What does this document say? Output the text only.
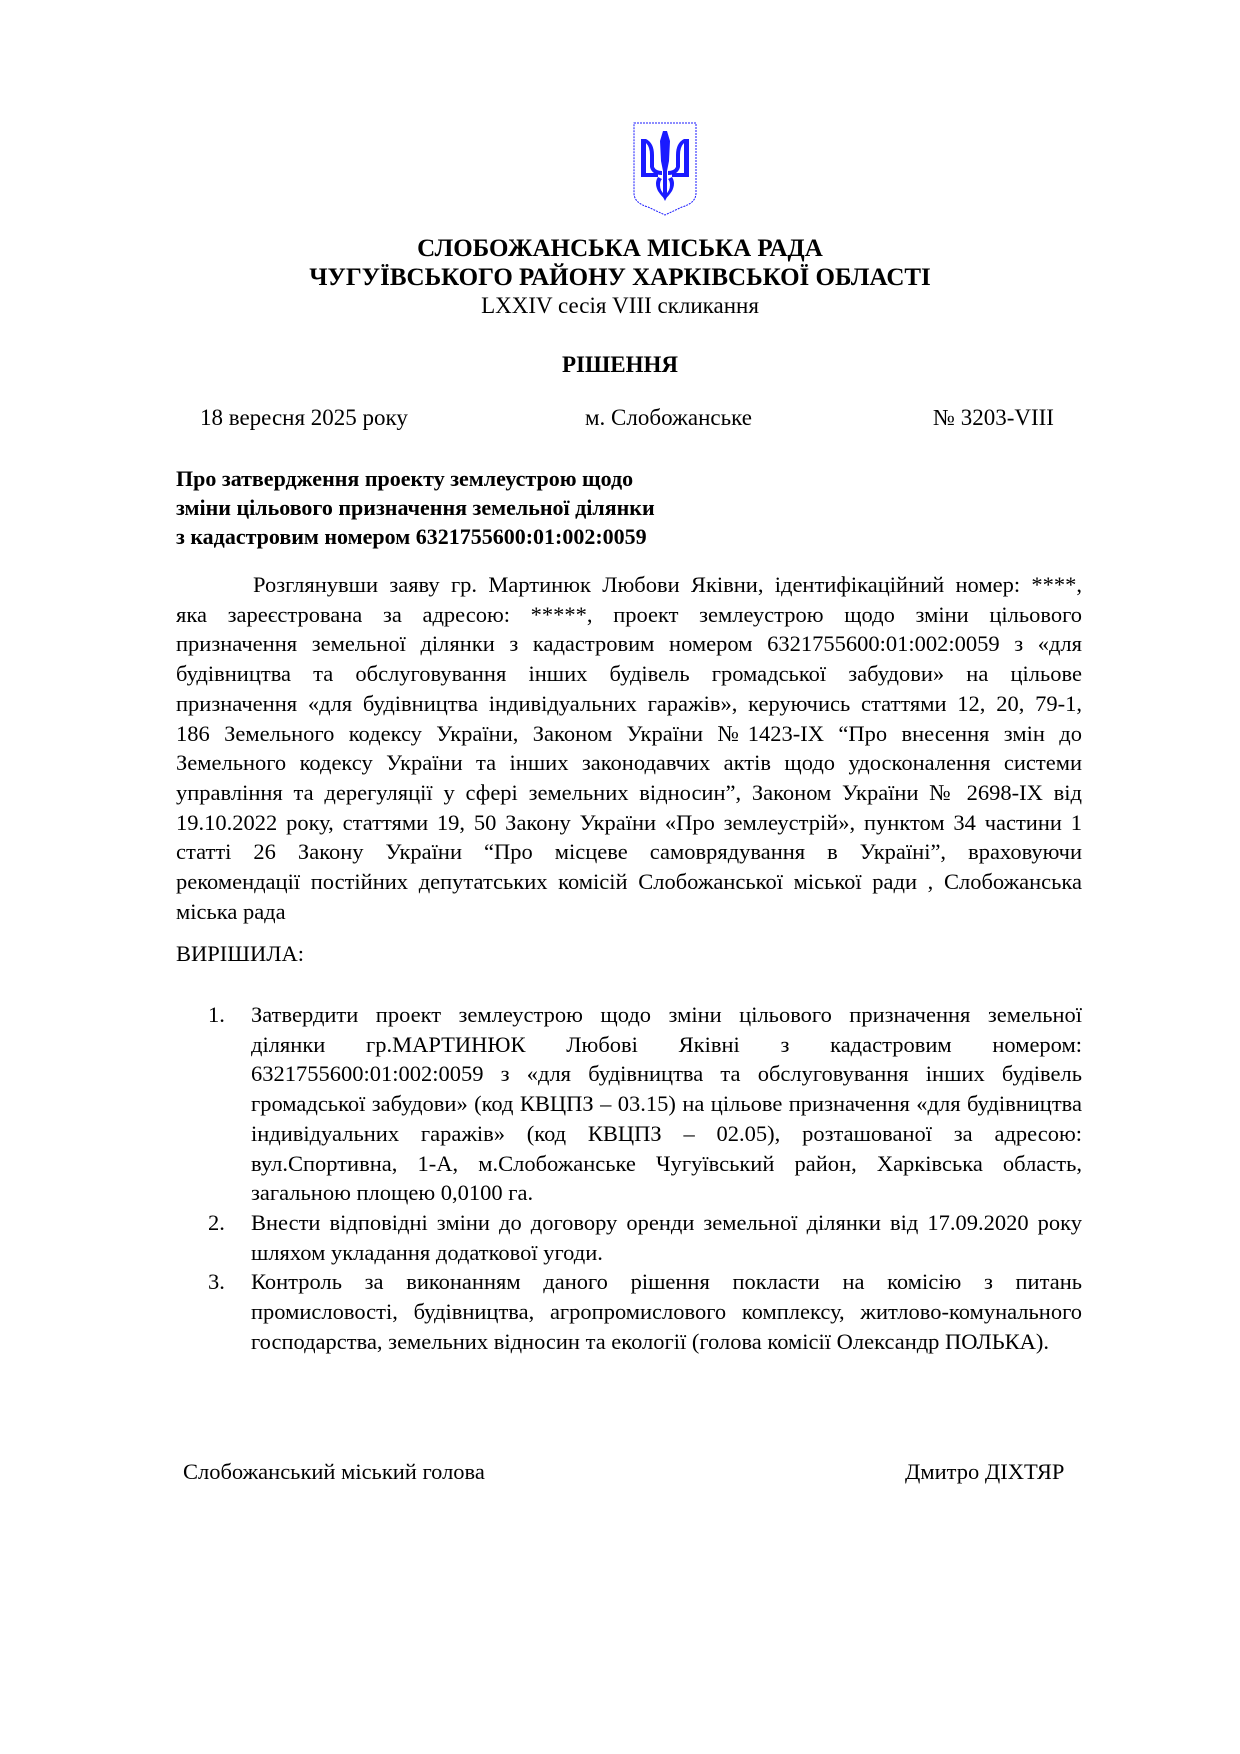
СЛОБОЖАНСЬКА МІСЬКА РАДА
ЧУГУЇВСЬКОГО РАЙОНУ ХАРКІВСЬКОЇ ОБЛАСТІ
LXXIV сесія VIII скликання
РІШЕННЯ
18 вересня 2025 року	м. Слобожанське	№ 3203-VIII
Про затвердження проекту землеустрою щодо
зміни цільового призначення земельної ділянки
з кадастровим номером 6321755600:01:002:0059
Розглянувши заяву гр. Мартинюк Любови Яківни, ідентифікаційний номер: ****,
яка зареєстрована за адресою: *****, проект землеустрою щодо зміни цільового
призначення земельної ділянки з кадастровим номером 6321755600:01:002:0059 з «для
будівництва та обслуговування інших будівель громадської забудови» на цільове
призначення «для будівництва індивідуальних гаражів», керуючись статтями 12, 20, 79-1,
186 Земельного кодексу України, Законом України №1423-IX “Про внесення змін до
Земельного кодексу України та інших законодавчих актів щодо удосконалення системи
управління та дерегуляції у сфері земельних відносин”, Законом України № 2698-IX від
19.10.2022 року, статтями 19, 50 Закону України «Про землеустрій», пунктом 34 частини 1
статті 26 Закону України “Про місцеве самоврядування в Україні”, враховуючи
рекомендації постійних депутатських комісій Слобожанської міської ради , Слобожанська
міська рада
ВИРІШИЛА:
1. Затвердити проект землеустрою щодо зміни цільового призначення земельної
ділянки гр.МАРТИНЮК Любові Яківні з кадастровим номером:
6321755600:01:002:0059 з «для будівництва та обслуговування інших будівель
громадської забудови» (код КВЦПЗ – 03.15) на цільове призначення «для будівництва
індивідуальних гаражів» (код КВЦПЗ – 02.05), розташованої за адресою:
вул.Спортивна, 1-А, м.Слобожанське Чугуївський район, Харківська область,
загальною площею 0,0100 га.
2. Внести відповідні зміни до договору оренди земельної ділянки від 17.09.2020 року
шляхом укладання додаткової угоди.
3. Контроль за виконанням даного рішення покласти на комісію з питань
промисловості, будівництва, агропромислового комплексу, житлово-комунального
господарства, земельних відносин та екології (голова комісії Олександр ПОЛЬКА).
Слобожанський міський голова	Дмитро ДІХТЯР
